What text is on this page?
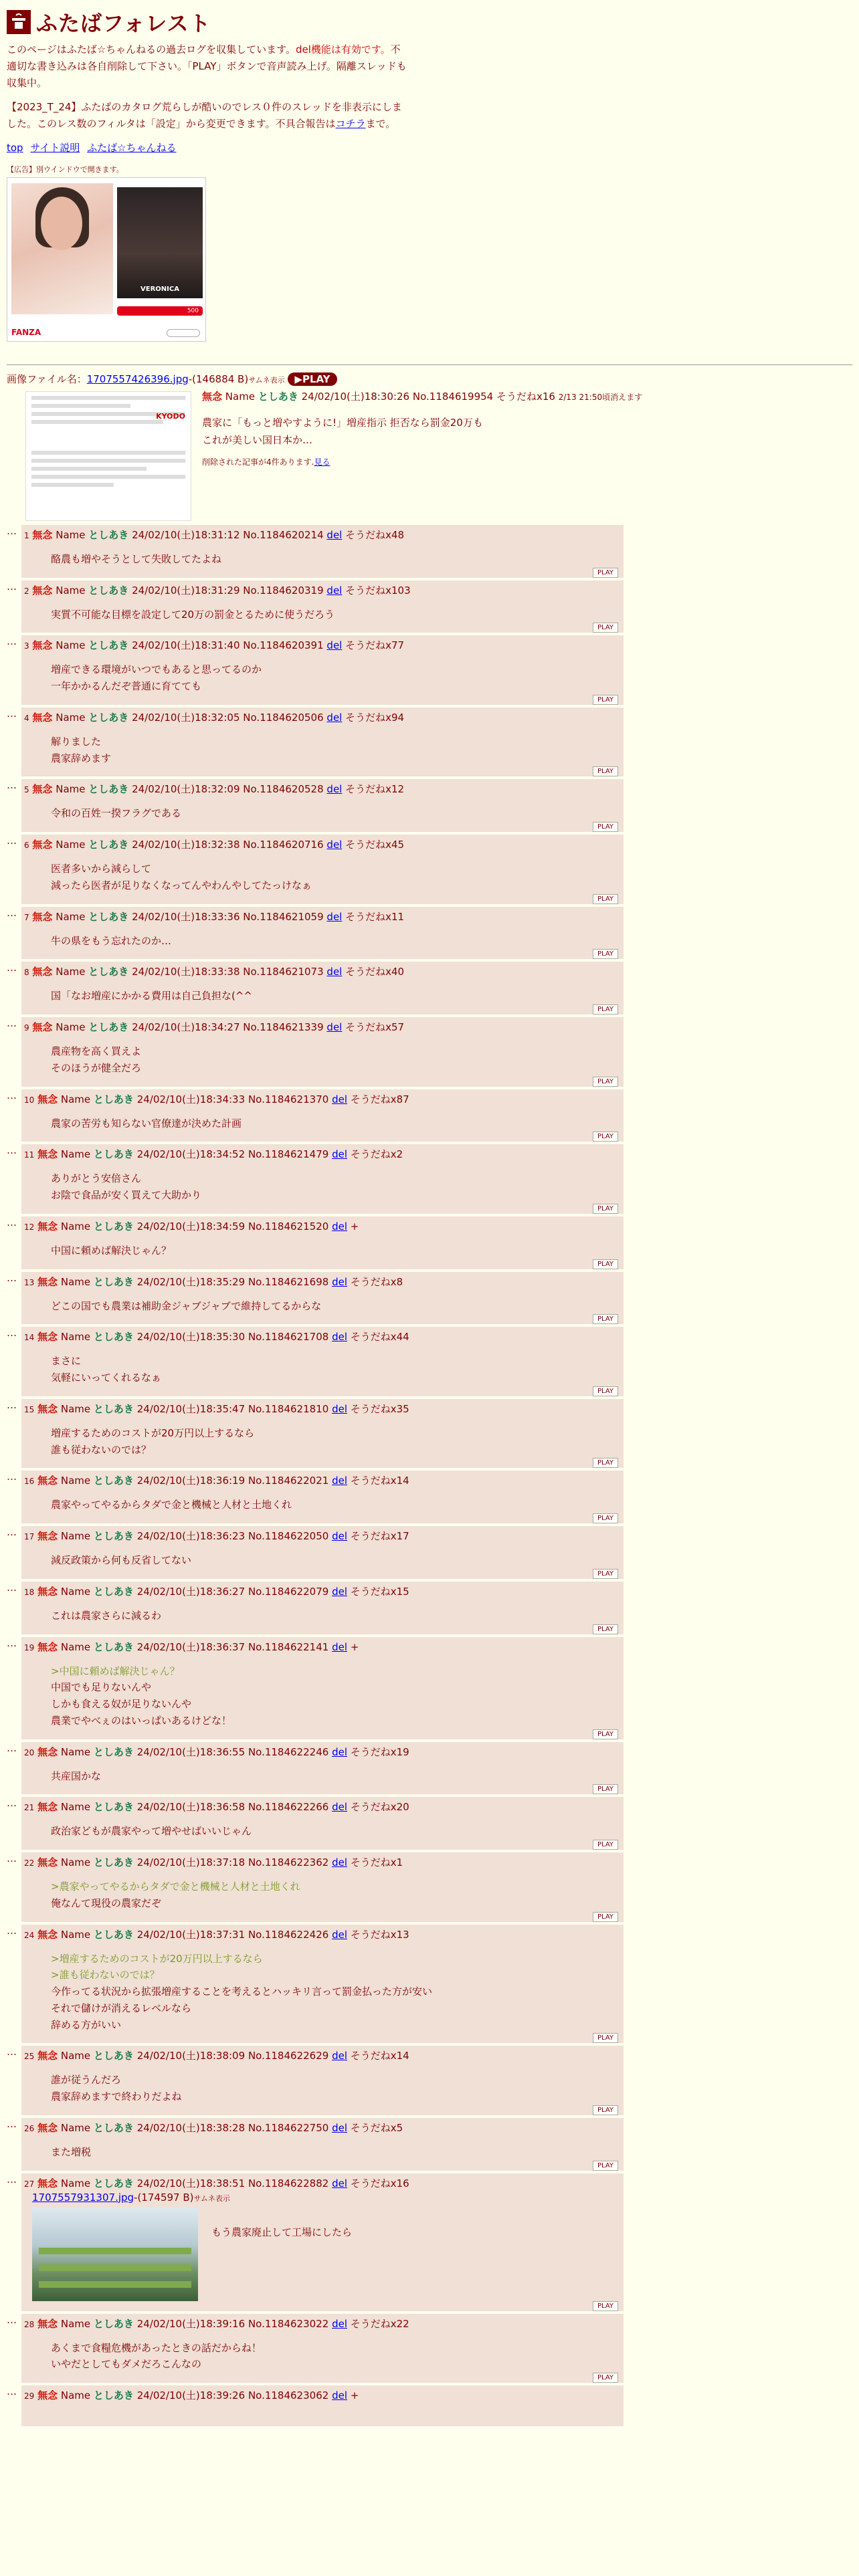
ふたばフォレスト

このページはふたば☆ちゃんねるの過去ログを収集しています。del機能は有効です。不適切な書き込みは各自削除して下さい。「PLAY」ボタンで音声読み上げ。隔離スレッドも収集中。

【2023_T_24】ふたばのカタログ荒らしが酷いのでレス０件のスレッドを非表示にしました。このレス数のフィルタは「設定」から変更できます。不具合報告はコチラまで。

top サイト説明 ふたば☆ちゃんねる
【広告】別ウインドウで開きます。
VERONICA
500
FANZA
画像ファイル名：1707557426396.jpg-(146884 B)サムネ表示 ▶PLAY
KYODO
無念 Name としあき 24/02/10(土)18:30:26 No.1184619954 そうだねx16 2/13 21:50頃消えます
農家に「もっと増やすように!」増産指示 拒否なら罰金20万も
これが美しい国日本か…
削除された記事が4件あります.見る
… 1 無念 Name としあき 24/02/10(土)18:31:12 No.1184620214 del そうだねx48
酪農も増やそうとして失敗してたよね
PLAY
… 2 無念 Name としあき 24/02/10(土)18:31:29 No.1184620319 del そうだねx103
実質不可能な目標を設定して20万の罰金とるために使うだろう
PLAY
… 3 無念 Name としあき 24/02/10(土)18:31:40 No.1184620391 del そうだねx77
増産できる環境がいつでもあると思ってるのか
一年かかるんだぞ普通に育てても
PLAY
… 4 無念 Name としあき 24/02/10(土)18:32:05 No.1184620506 del そうだねx94
解りました
農家辞めます
PLAY
… 5 無念 Name としあき 24/02/10(土)18:32:09 No.1184620528 del そうだねx12
令和の百姓一揆フラグである
PLAY
… 6 無念 Name としあき 24/02/10(土)18:32:38 No.1184620716 del そうだねx45
医者多いから減らして
減ったら医者が足りなくなってんやわんやしてたっけなぁ
PLAY
… 7 無念 Name としあき 24/02/10(土)18:33:36 No.1184621059 del そうだねx11
牛の県をもう忘れたのか…
PLAY
… 8 無念 Name としあき 24/02/10(土)18:33:38 No.1184621073 del そうだねx40
国「なお増産にかかる費用は自己負担な(^^
PLAY
… 9 無念 Name としあき 24/02/10(土)18:34:27 No.1184621339 del そうだねx57
農産物を高く買えよ
そのほうが健全だろ
PLAY
… 10 無念 Name としあき 24/02/10(土)18:34:33 No.1184621370 del そうだねx87
農家の苦労も知らない官僚達が決めた計画
PLAY
… 11 無念 Name としあき 24/02/10(土)18:34:52 No.1184621479 del そうだねx2
ありがとう安倍さん
お陰で食品が安く買えて大助かり
PLAY
… 12 無念 Name としあき 24/02/10(土)18:34:59 No.1184621520 del +
中国に頼めば解決じゃん？
PLAY
… 13 無念 Name としあき 24/02/10(土)18:35:29 No.1184621698 del そうだねx8
どこの国でも農業は補助金ジャブジャブで維持してるからな
PLAY
… 14 無念 Name としあき 24/02/10(土)18:35:30 No.1184621708 del そうだねx44
まさに
気軽にいってくれるなぁ
PLAY
… 15 無念 Name としあき 24/02/10(土)18:35:47 No.1184621810 del そうだねx35
増産するためのコストが20万円以上するなら
誰も従わないのでは？
PLAY
… 16 無念 Name としあき 24/02/10(土)18:36:19 No.1184622021 del そうだねx14
農家やってやるからタダで金と機械と人材と土地くれ
PLAY
… 17 無念 Name としあき 24/02/10(土)18:36:23 No.1184622050 del そうだねx17
減反政策から何も反省してない
PLAY
… 18 無念 Name としあき 24/02/10(土)18:36:27 No.1184622079 del そうだねx15
これは農家さらに減るわ
PLAY
… 19 無念 Name としあき 24/02/10(土)18:36:37 No.1184622141 del +
>中国に頼めば解決じゃん？
中国でも足りないんや
しかも食える奴が足りないんや
農業でやべぇのはいっぱいあるけどな！
PLAY
… 20 無念 Name としあき 24/02/10(土)18:36:55 No.1184622246 del そうだねx19
共産国かな
PLAY
… 21 無念 Name としあき 24/02/10(土)18:36:58 No.1184622266 del そうだねx20
政治家どもが農家やって増やせばいいじゃん
PLAY
… 22 無念 Name としあき 24/02/10(土)18:37:18 No.1184622362 del そうだねx1
>農家やってやるからタダで金と機械と人材と土地くれ
俺なんて現役の農家だぞ
PLAY
… 24 無念 Name としあき 24/02/10(土)18:37:31 No.1184622426 del そうだねx13
>増産するためのコストが20万円以上するなら
>誰も従わないのでは？
今作ってる状況から拡張増産することを考えるとハッキリ言って罰金払った方が安い
それで儲けが消えるレベルなら
辞める方がいい
PLAY
… 25 無念 Name としあき 24/02/10(土)18:38:09 No.1184622629 del そうだねx14
誰が従うんだろ
農家辞めますで終わりだよね
PLAY
… 26 無念 Name としあき 24/02/10(土)18:38:28 No.1184622750 del そうだねx5
また増税
PLAY
… 27 無念 Name としあき 24/02/10(土)18:38:51 No.1184622882 del そうだねx16
1707557931307.jpg-(174597 B)サムネ表示
もう農家廃止して工場にしたら
PLAY
… 28 無念 Name としあき 24/02/10(土)18:39:16 No.1184623022 del そうだねx22
あくまで食糧危機があったときの話だからね！
いやだとしてもダメだろこんなの
PLAY
… 29 無念 Name としあき 24/02/10(土)18:39:26 No.1184623062 del +
